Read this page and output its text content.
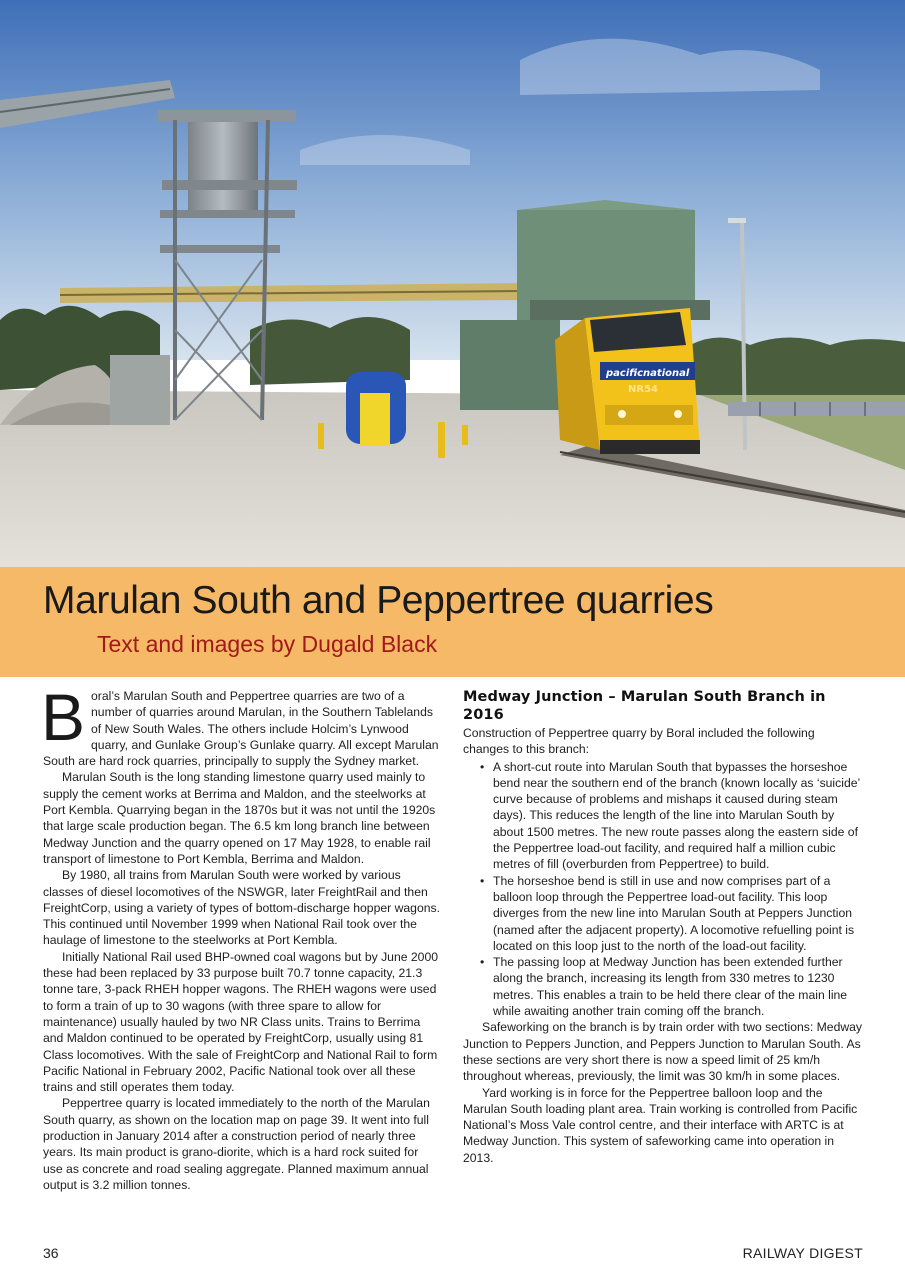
pacificnational
NR54
Marulan South and Peppertree quarries

Text and images by Dugald Black

Boral’s Marulan South and Peppertree quarries are two of a number of quarries around Marulan, in the Southern Tablelands of New South Wales. The others include Holcim’s Lynwood quarry, and Gunlake Group’s Gunlake quarry. All except Marulan South are hard rock quarries, principally to supply the Sydney market.

Marulan South is the long standing limestone quarry used mainly to supply the cement works at Berrima and Maldon, and the steelworks at Port Kembla. Quarrying began in the 1870s but it was not until the 1920s that large scale production began. The 6.5 km long branch line between Medway Junction and the quarry opened on 17 May 1928, to enable rail transport of limestone to Port Kembla, Berrima and Maldon.

By 1980, all trains from Marulan South were worked by various classes of diesel locomotives of the NSWGR, later FreightRail and then FreightCorp, using a variety of types of bottom-discharge hopper wagons. This continued until November 1999 when National Rail took over the haulage of limestone to the steelworks at Port Kembla.

Initially National Rail used BHP-owned coal wagons but by June 2000 these had been replaced by 33 purpose built 70.7 tonne capacity, 21.3 tonne tare, 3-pack RHEH hopper wagons. The RHEH wagons were used to form a train of up to 30 wagons (with three spare to allow for maintenance) usually hauled by two NR Class units. Trains to Berrima and Maldon continued to be operated by FreightCorp, usually using 81 Class locomotives. With the sale of FreightCorp and National Rail to form Pacific National in February 2002, Pacific National took over all these trains and still operates them today.

Peppertree quarry is located immediately to the north of the Marulan South quarry, as shown on the location map on page 39. It went into full production in January 2014 after a construction period of nearly three years. Its main product is grano-diorite, which is a hard rock suited for use as concrete and road sealing aggregate. Planned maximum annual output is 3.2 million tonnes.

Medway Junction – Marulan South Branch in 2016

Construction of Peppertree quarry by Boral included the following changes to this branch:

• A short-cut route into Marulan South that bypasses the horseshoe bend near the southern end of the branch (known locally as ‘suicide’ curve because of problems and mishaps it caused during steam days). This reduces the length of the line into Marulan South by about 1500 metres. The new route passes along the eastern side of the Peppertree load-out facility, and required half a million cubic metres of fill (overburden from Peppertree) to build.
• The horseshoe bend is still in use and now comprises part of a balloon loop through the Peppertree load-out facility. This loop diverges from the new line into Marulan South at Peppers Junction (named after the adjacent property). A locomotive refuelling point is located on this loop just to the north of the load-out facility.
• The passing loop at Medway Junction has been extended further along the branch, increasing its length from 330 metres to 1230 metres. This enables a train to be held there clear of the main line while awaiting another train coming off the branch.

Safeworking on the branch is by train order with two sections: Medway Junction to Peppers Junction, and Peppers Junction to Marulan South. As these sections are very short there is now a speed limit of 25 km/h throughout whereas, previously, the limit was 30 km/h in some places.

Yard working is in force for the Peppertree balloon loop and the Marulan South loading plant area. Train working is controlled from Pacific National’s Moss Vale control centre, and their interface with ARTC is at Medway Junction. This system of safeworking came into operation in 2013.

36	RAILWAY DIGEST
